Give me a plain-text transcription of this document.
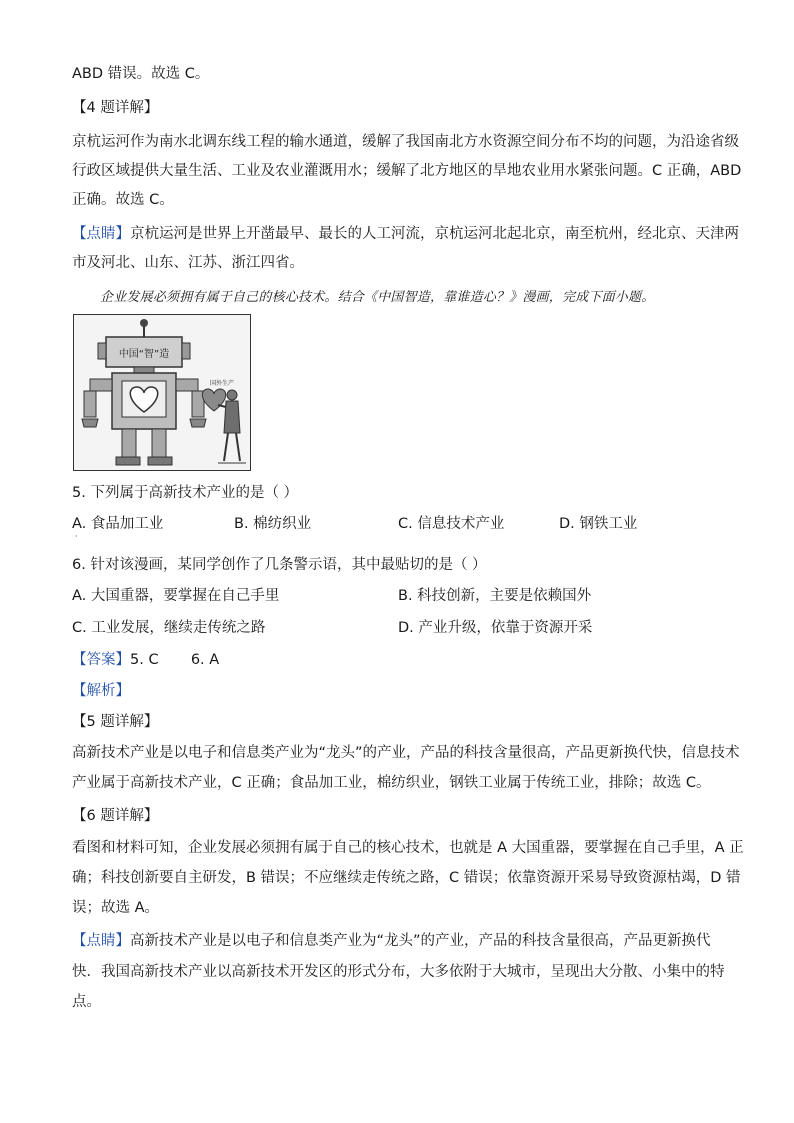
ABD 错误。故选 C。
【4 题详解】
京杭运河作为南水北调东线工程的输水通道，缓解了我国南北方水资源空间分布不均的问题，为沿途省级
行政区域提供大量生活、工业及农业灌溉用水；缓解了北方地区的旱地农业用水紧张问题。C 正确，ABD
正确。故选 C。
【点睛】京杭运河是世界上开凿最早、最长的人工河流，京杭运河北起北京，南至杭州，经北京、天津两
市及河北、山东、江苏、浙江四省。
企业发展必须拥有属于自己的核心技术。结合《中国智造，靠谁造心？》漫画，完成下面小题。
中国“智”造
国外生产
5. 下列属于高新技术产业的是（ ）
A. 食品加工业	B. 棉纺织业	C. 信息技术产业	D. 钢铁工业
·
6. 针对该漫画，某同学创作了几条警示语，其中最贴切的是（ ）
A. 大国重器，要掌握在自己手里	B. 科技创新，主要是依赖国外
C. 工业发展，继续走传统之路	D. 产业升级，依靠于资源开采
【答案】5. C       6. A
【解析】
【5 题详解】
高新技术产业是以电子和信息类产业为“龙头”的产业，产品的科技含量很高，产品更新换代快，信息技术
产业属于高新技术产业，C 正确；食品加工业，棉纺织业，钢铁工业属于传统工业，排除；故选 C。
【6 题详解】
看图和材料可知，企业发展必须拥有属于自己的核心技术，也就是 A 大国重器，要掌握在自己手里，A 正
确；科技创新要自主研发，B 错误；不应继续走传统之路，C 错误；依靠资源开采易导致资源枯竭，D 错
误；故选 A。
【点睛】高新技术产业是以电子和信息类产业为“龙头”的产业，产品的科技含量很高，产品更新换代
快．我国高新技术产业以高新技术开发区的形式分布，大多依附于大城市，呈现出大分散、小集中的特
点。
